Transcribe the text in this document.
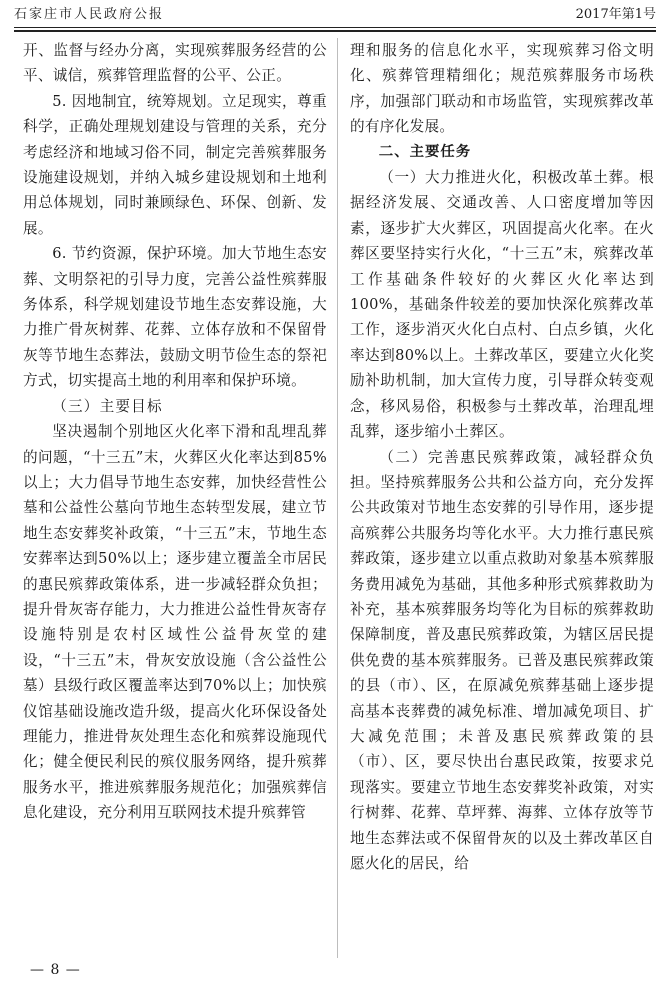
石家庄市人民政府公报	2017年第1号

开、监督与经办分离，实现殡葬服务经营的公平、诚信，殡葬管理监督的公平、公正。

5. 因地制宜，统筹规划。立足现实，尊重科学，正确处理规划建设与管理的关系，充分考虑经济和地域习俗不同，制定完善殡葬服务设施建设规划，并纳入城乡建设规划和土地利用总体规划，同时兼顾绿色、环保、创新、发展。

6. 节约资源，保护环境。加大节地生态安葬、文明祭祀的引导力度，完善公益性殡葬服务体系，科学规划建设节地生态安葬设施，大力推广骨灰树葬、花葬、立体存放和不保留骨灰等节地生态葬法，鼓励文明节俭生态的祭祀方式，切实提高土地的利用率和保护环境。

（三）主要目标

坚决遏制个别地区火化率下滑和乱埋乱葬的问题，“十三五”末，火葬区火化率达到85%以上；大力倡导节地生态安葬，加快经营性公墓和公益性公墓向节地生态转型发展，建立节地生态安葬奖补政策，“十三五”末，节地生态安葬率达到50%以上；逐步建立覆盖全市居民的惠民殡葬政策体系，进一步减轻群众负担；提升骨灰寄存能力，大力推进公益性骨灰寄存设施特别是农村区域性公益骨灰堂的建设，“十三五”末，骨灰安放设施（含公益性公墓）县级行政区覆盖率达到70%以上；加快殡仪馆基础设施改造升级，提高火化环保设备处理能力，推进骨灰处理生态化和殡葬设施现代化；健全便民利民的殡仪服务网络，提升殡葬服务水平，推进殡葬服务规范化；加强殡葬信息化建设，充分利用互联网技术提升殡葬管

理和服务的信息化水平，实现殡葬习俗文明化、殡葬管理精细化；规范殡葬服务市场秩序，加强部门联动和市场监管，实现殡葬改革的有序化发展。

二、主要任务

（一）大力推进火化，积极改革土葬。根据经济发展、交通改善、人口密度增加等因素，逐步扩大火葬区，巩固提高火化率。在火葬区要坚持实行火化，“十三五”末，殡葬改革工作基础条件较好的火葬区火化率达到100%，基础条件较差的要加快深化殡葬改革工作，逐步消灭火化白点村、白点乡镇，火化率达到80%以上。土葬改革区，要建立火化奖励补助机制，加大宣传力度，引导群众转变观念，移风易俗，积极参与土葬改革，治理乱埋乱葬，逐步缩小土葬区。

（二）完善惠民殡葬政策，减轻群众负担。坚持殡葬服务公共和公益方向，充分发挥公共政策对节地生态安葬的引导作用，逐步提高殡葬公共服务均等化水平。大力推行惠民殡葬政策，逐步建立以重点救助对象基本殡葬服务费用减免为基础，其他多种形式殡葬救助为补充，基本殡葬服务均等化为目标的殡葬救助保障制度，普及惠民殡葬政策，为辖区居民提供免费的基本殡葬服务。已普及惠民殡葬政策的县（市）、区，在原减免殡葬基础上逐步提高基本丧葬费的减免标准、增加减免项目、扩大减免范围；未普及惠民殡葬政策的县（市）、区，要尽快出台惠民政策，按要求兑现落实。要建立节地生态安葬奖补政策，对实行树葬、花葬、草坪葬、海葬、立体存放等节地生态葬法或不保留骨灰的以及土葬改革区自愿火化的居民，给

— 8 —
